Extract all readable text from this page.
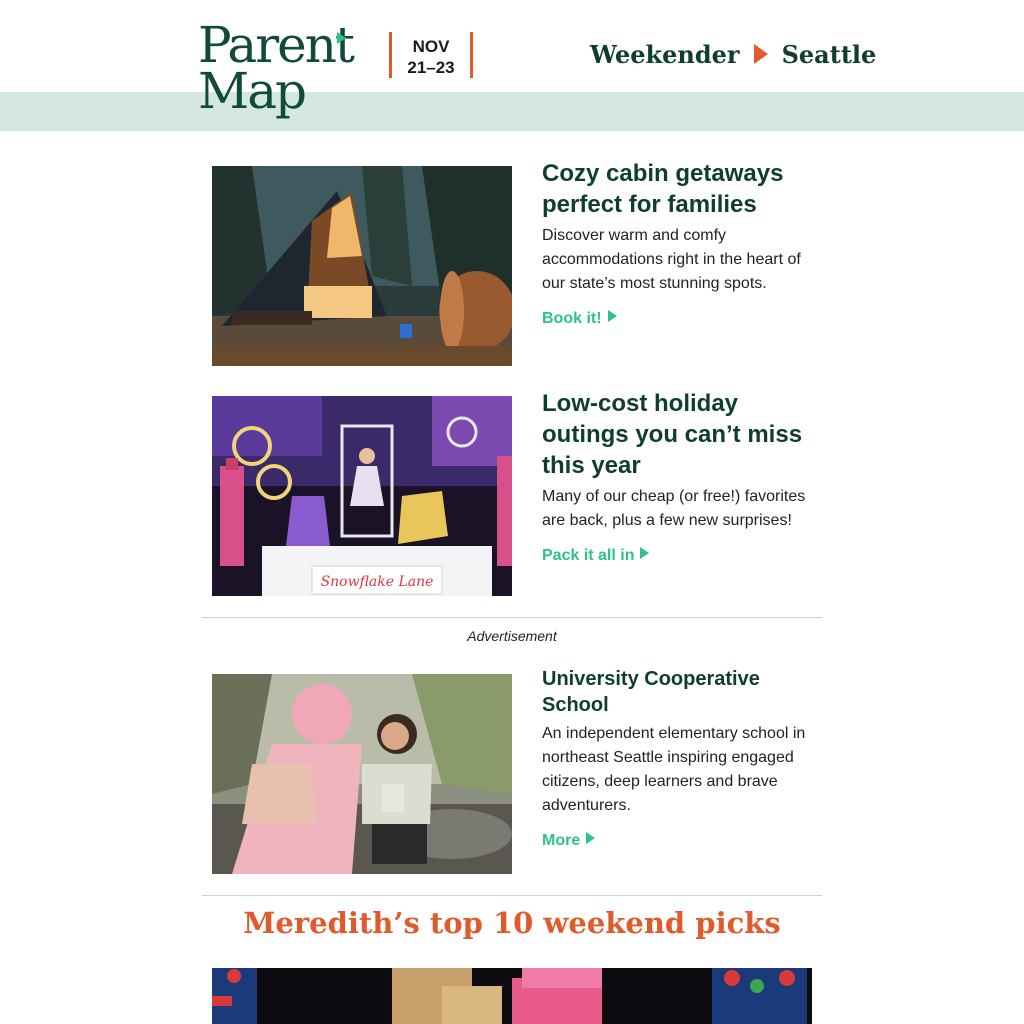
Parent
Map
NOV
21–23	Weekender Seattle
Cozy cabin getaways perfect for families

Discover warm and comfy accommodations right in the heart of our state’s most stunning spots.

Book it!
Snowflake Lane
Low-cost holiday outings you can’t miss this year

Many of our cheap (or free!) favorites are back, plus a few new surprises!

Pack it all in
Advertisement
University Cooperative School

An independent elementary school in northeast Seattle inspiring engaged citizens, deep learners and brave adventurers.

More
Meredith’s top 10 weekend picks
